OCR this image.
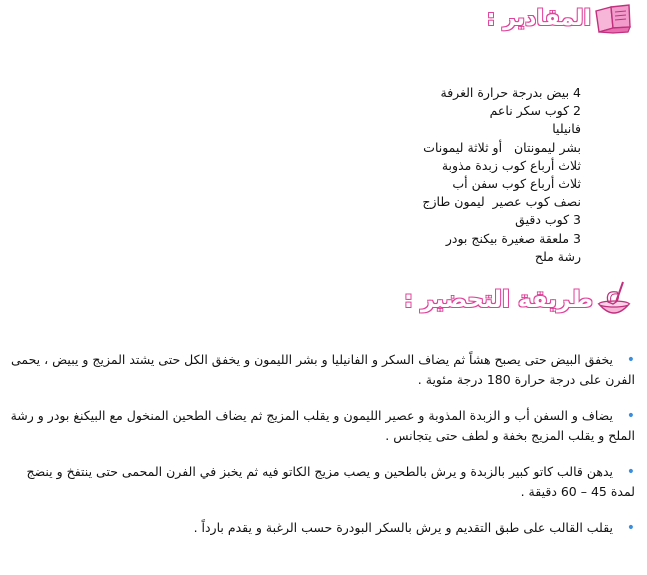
المقادير :
4 بيض بدرجة حرارة الغرفة
2 كوب سكر ناعم
فانيليا
بشر ليمونتان   أو ثلاثة ليمونات
ثلاث أرباع كوب زبدة مذوبة
ثلاث أرباع كوب سفن أب
نصف كوب عصير  ليمون طازج
3 كوب دقيق
3 ملعقة صغيرة بيكنج بودر
رشة ملح
طريقة التحضير :
•يخفق البيض حتى يصبح هشاً ثم يضاف السكر و الفانيليا و بشر الليمون و يخفق الكل حتى يشتد المزيج و يبيض ، يحمى الفرن على درجة حرارة 180 درجة مئوية .
•يضاف و السفن أب و الزبدة المذوبة و عصير الليمون و يقلب المزيج ثم يضاف الطحين المنخول مع البيكنغ بودر و رشة الملح و يقلب المزيج بخفة و لطف حتى يتجانس .
•يدهن قالب كاتو كبير بالزبدة و يرش بالطحين و يصب مزيج الكاتو فيه ثم يخبز في الفرن المحمى حتى ينتفخ و ينضج لمدة 45 – 60 دقيقة .
•يقلب القالب على طبق التقديم و يرش بالسكر البودرة حسب الرغبة و يقدم بارداً .
